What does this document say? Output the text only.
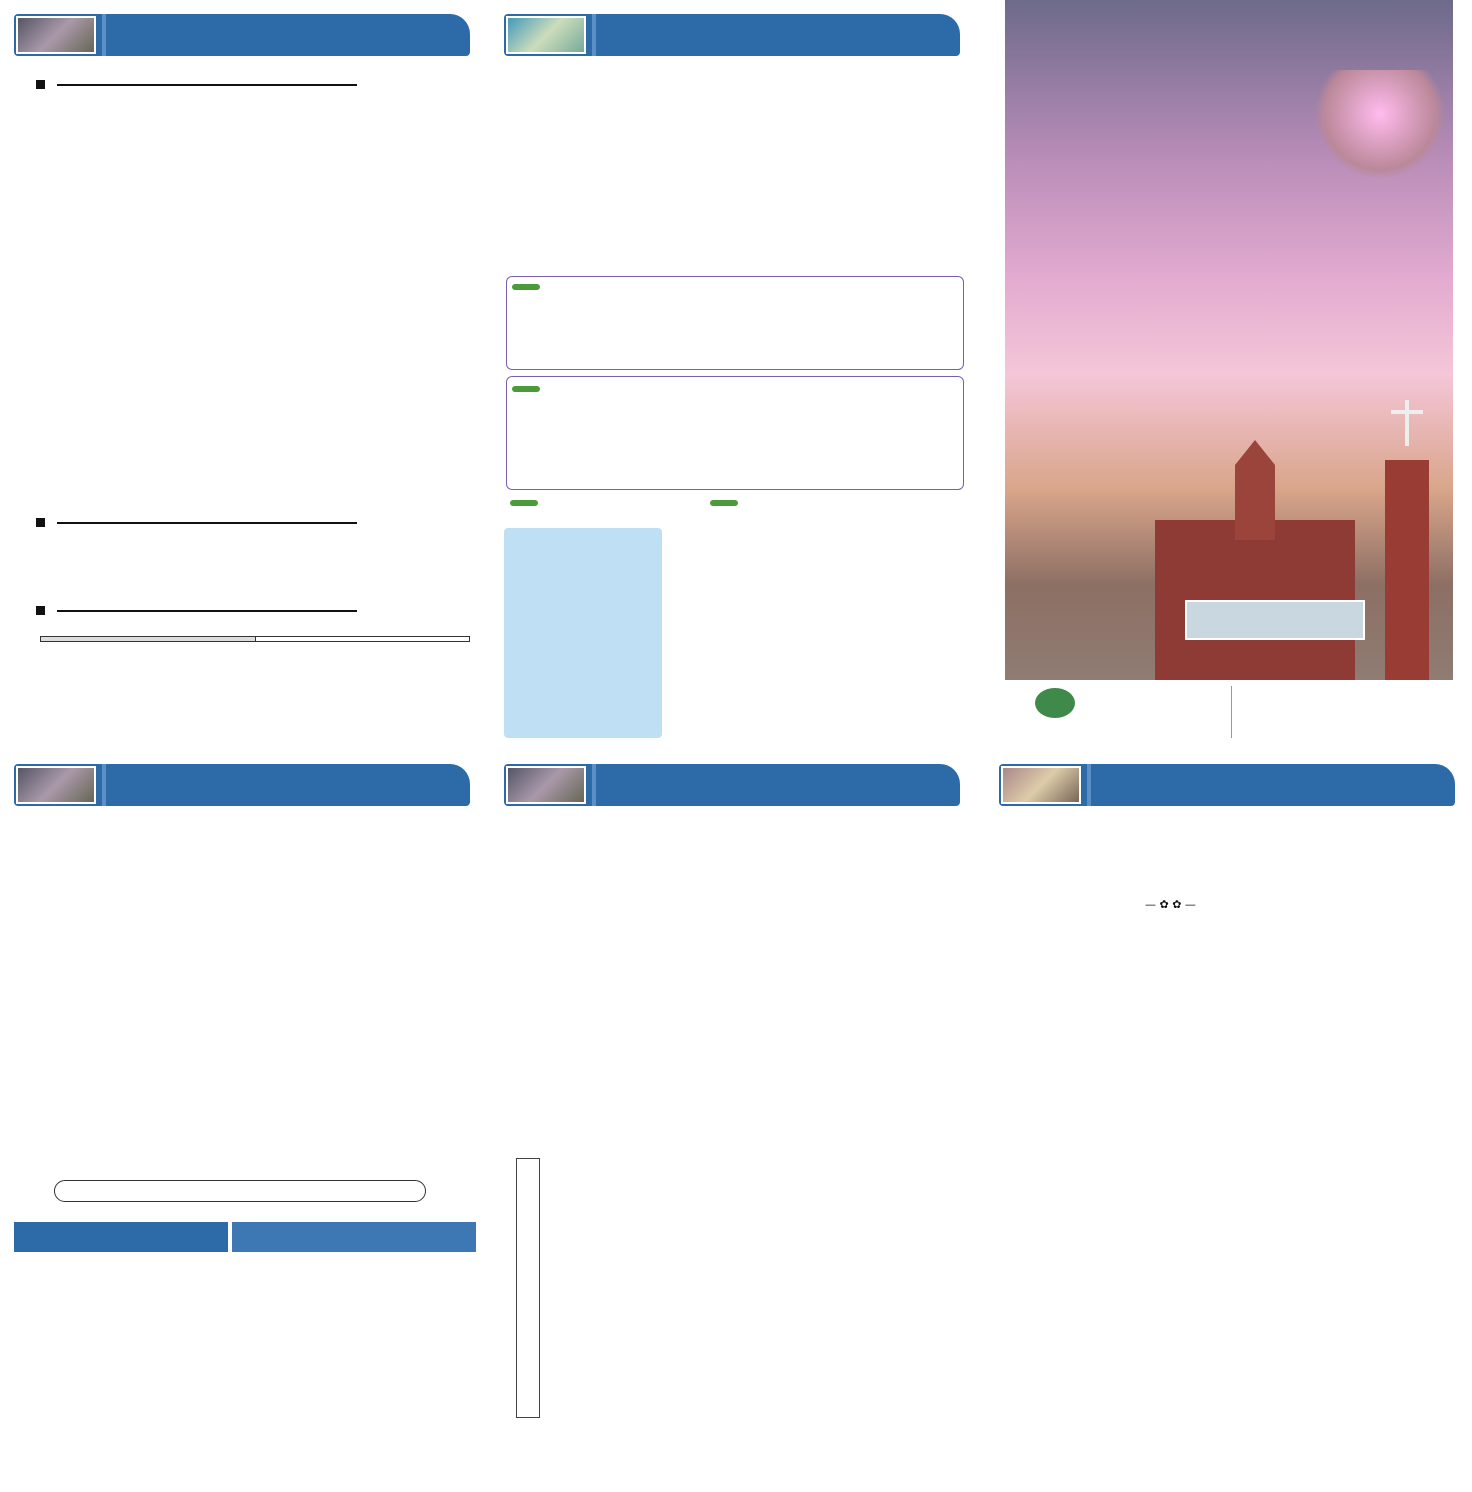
— ✿ ✿ —
